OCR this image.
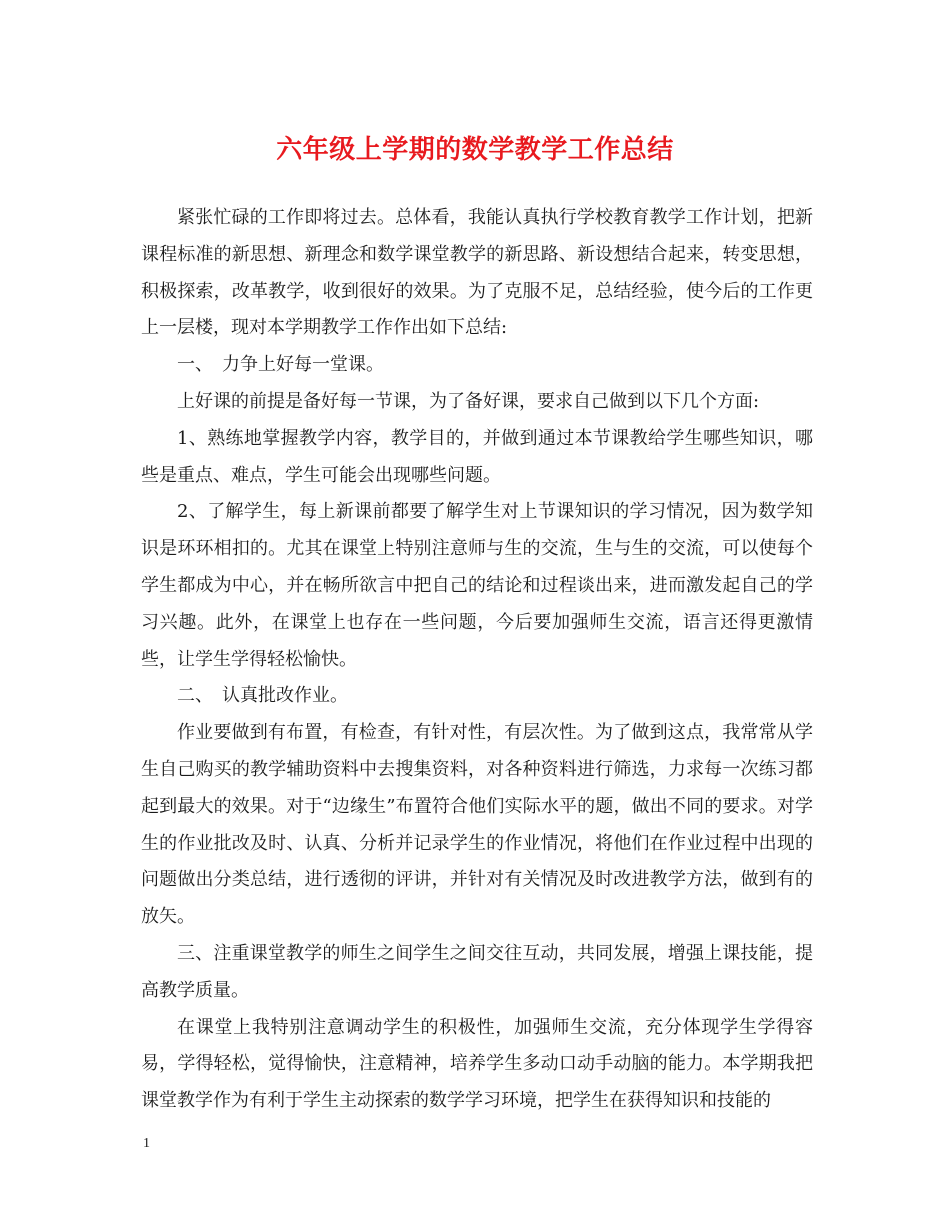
六年级上学期的数学教学工作总结

紧张忙碌的工作即将过去。总体看，我能认真执行学校教育教学工作计划，把新课程标准的新思想、新理念和数学课堂教学的新思路、新设想结合起来，转变思想，积极探索，改革教学，收到很好的效果。为了克服不足，总结经验，使今后的工作更上一层楼，现对本学期教学工作作出如下总结:

一、　力争上好每一堂课。

上好课的前提是备好每一节课，为了备好课，要求自己做到以下几个方面:

1、熟练地掌握教学内容，教学目的，并做到通过本节课教给学生哪些知识，哪些是重点、难点，学生可能会出现哪些问题。

2、了解学生，每上新课前都要了解学生对上节课知识的学习情况，因为数学知识是环环相扣的。尤其在课堂上特别注意师与生的交流，生与生的交流，可以使每个学生都成为中心，并在畅所欲言中把自己的结论和过程谈出来，进而激发起自己的学习兴趣。此外，在课堂上也存在一些问题，今后要加强师生交流，语言还得更激情些，让学生学得轻松愉快。

二、　认真批改作业。

作业要做到有布置，有检查，有针对性，有层次性。为了做到这点，我常常从学生自己购买的教学辅助资料中去搜集资料，对各种资料进行筛选，力求每一次练习都起到最大的效果。对于“边缘生”布置符合他们实际水平的题，做出不同的要求。对学生的作业批改及时、认真、分析并记录学生的作业情况，将他们在作业过程中出现的问题做出分类总结，进行透彻的评讲，并针对有关情况及时改进教学方法，做到有的放矢。

三、注重课堂教学的师生之间学生之间交往互动，共同发展，增强上课技能，提高教学质量。

在课堂上我特别注意调动学生的积极性，加强师生交流，充分体现学生学得容易，学得轻松，觉得愉快，注意精神，培养学生多动口动手动脑的能力。本学期我把课堂教学作为有利于学生主动探索的数学学习环境，把学生在获得知识和技能的

1
